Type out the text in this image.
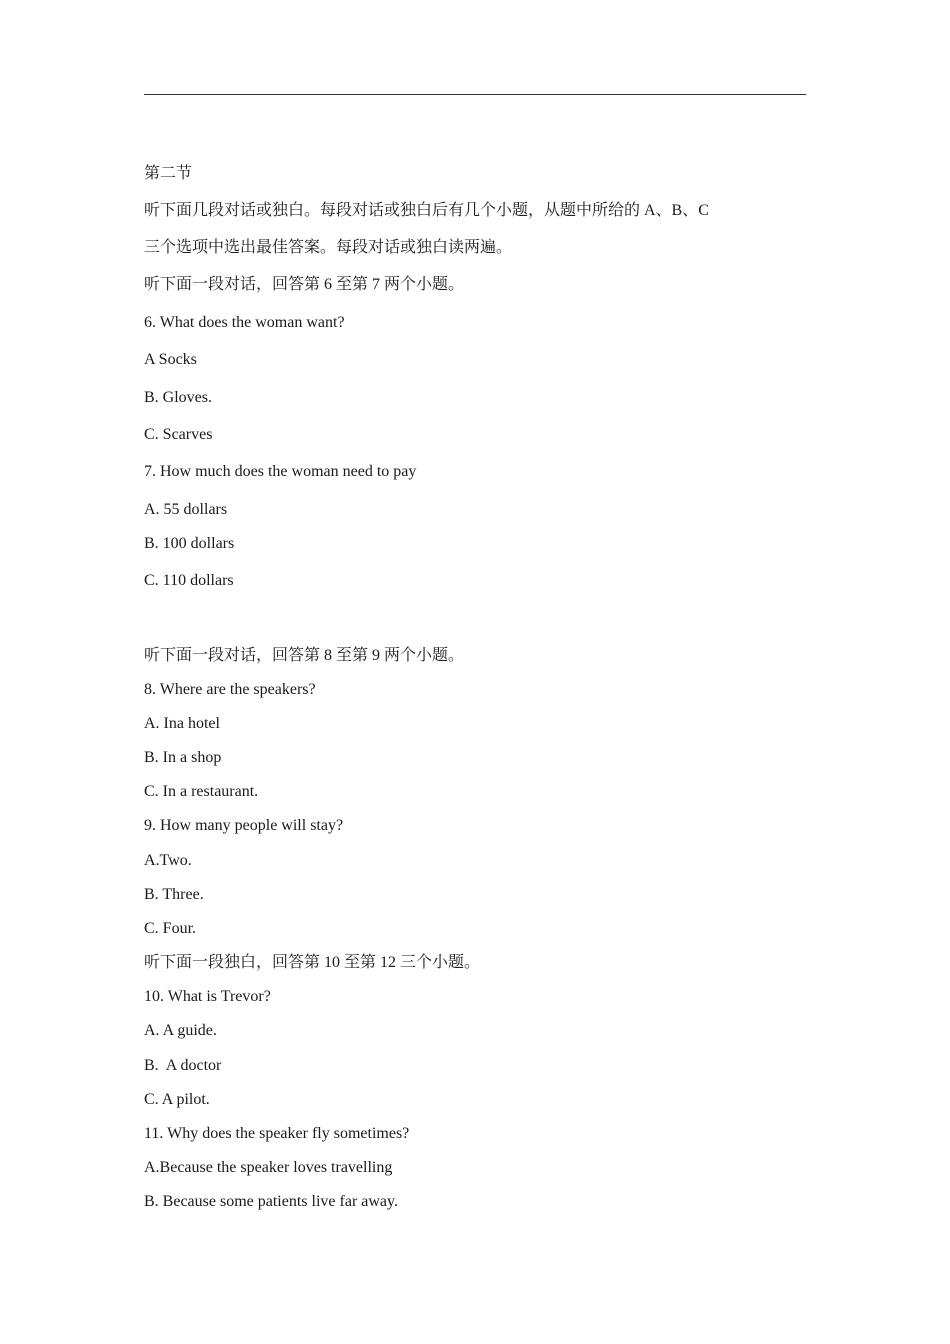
第二节
听下面几段对话或独白。每段对话或独白后有几个小题，从题中所给的 A、B、C
三个选项中选出最佳答案。每段对话或独白读两遍。
听下面一段对话，回答第 6 至第 7 两个小题。
6. What does the woman want?
A Socks
B. Gloves.
C. Scarves
7. How much does the woman need to pay
A. 55 dollars
B. 100 dollars
C. 110 dollars
听下面一段对话，回答第 8 至第 9 两个小题。
8. Where are the speakers?
A. Ina hotel
B. In a shop
C. In a restaurant.
9. How many people will stay?
A.Two.
B. Three.
C. Four.
听下面一段独白，回答第 10 至第 12 三个小题。
10. What is Trevor?
A. A guide.
B.  A doctor
C. A pilot.
11. Why does the speaker fly sometimes?
A.Because the speaker loves travelling
B. Because some patients live far away.
